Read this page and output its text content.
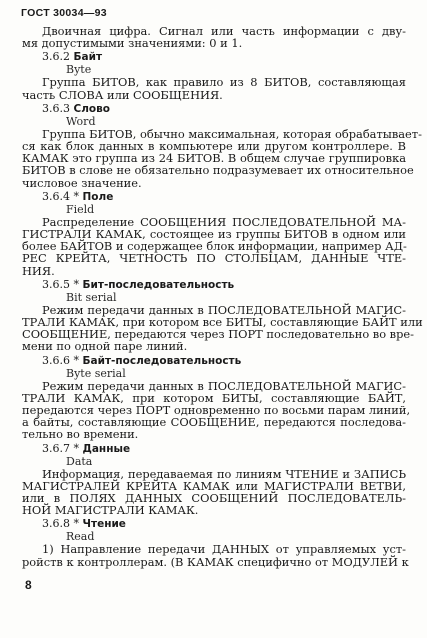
ГОСТ 30034—93
Двоичная цифра. Сигнал или часть информации с дву-
мя допустимыми значениями: 0 и 1.
3.6.2 Байт
Byte
Группа БИТОВ, как правило из 8 БИТОВ, составляющая
часть СЛОВА или СООБЩЕНИЯ.
3.6.3 Слово
Word
Группа БИТОВ, обычно максимальная, которая обрабатывает-
ся как блок данных в компьютере или другом контроллере. В
КАМАК это группа из 24 БИТОВ. В общем случае группировка
БИТОВ в слове не обязательно подразумевает их относительное
числовое значение.
3.6.4 * Поле
Field
Распределение СООБЩЕНИЯ ПОСЛЕДОВАТЕЛЬНОЙ МА-
ГИСТРАЛИ КАМАК, состоящее из группы БИТОВ в одном или
более БАЙТОВ и содержащее блок информации, например АД-
РЕС КРЕЙТА, ЧЕТНОСТЬ ПО СТОЛБЦАМ, ДАННЫЕ ЧТЕ-
НИЯ.
3.6.5 * Бит-последовательность
Bit serial
Режим передачи данных в ПОСЛЕДОВАТЕЛЬНОЙ МАГИС-
ТРАЛИ КАМАК, при котором все БИТЫ, составляющие БАЙТ или
СООБЩЕНИЕ, передаются через ПОРТ последовательно во вре-
мени по одной паре линий.
3.6.6 * Байт-последовательность
Byte serial
Режим передачи данных в ПОСЛЕДОВАТЕЛЬНОЙ МАГИС-
ТРАЛИ КАМАК, при котором БИТЫ, составляющие БАЙТ,
передаются через ПОРТ одновременно по восьми парам линий,
а байты, составляющие СООБЩЕНИЕ, передаются последова-
тельно во времени.
3.6.7 * Данные
Data
Информация, передаваемая по линиям ЧТЕНИЕ и ЗАПИСЬ
МАГИСТРАЛЕЙ КРЕЙТА КАМАК или МАГИСТРАЛИ ВЕТВИ,
или в ПОЛЯХ ДАННЫХ СООБЩЕНИЙ ПОСЛЕДОВАТЕЛЬ-
НОЙ МАГИСТРАЛИ КАМАК.
3.6.8 * Чтение
Read
1) Направление передачи ДАННЫХ от управляемых уст-
ройств к контроллерам. (В КАМАК специфично от МОДУЛЕЙ к
8
